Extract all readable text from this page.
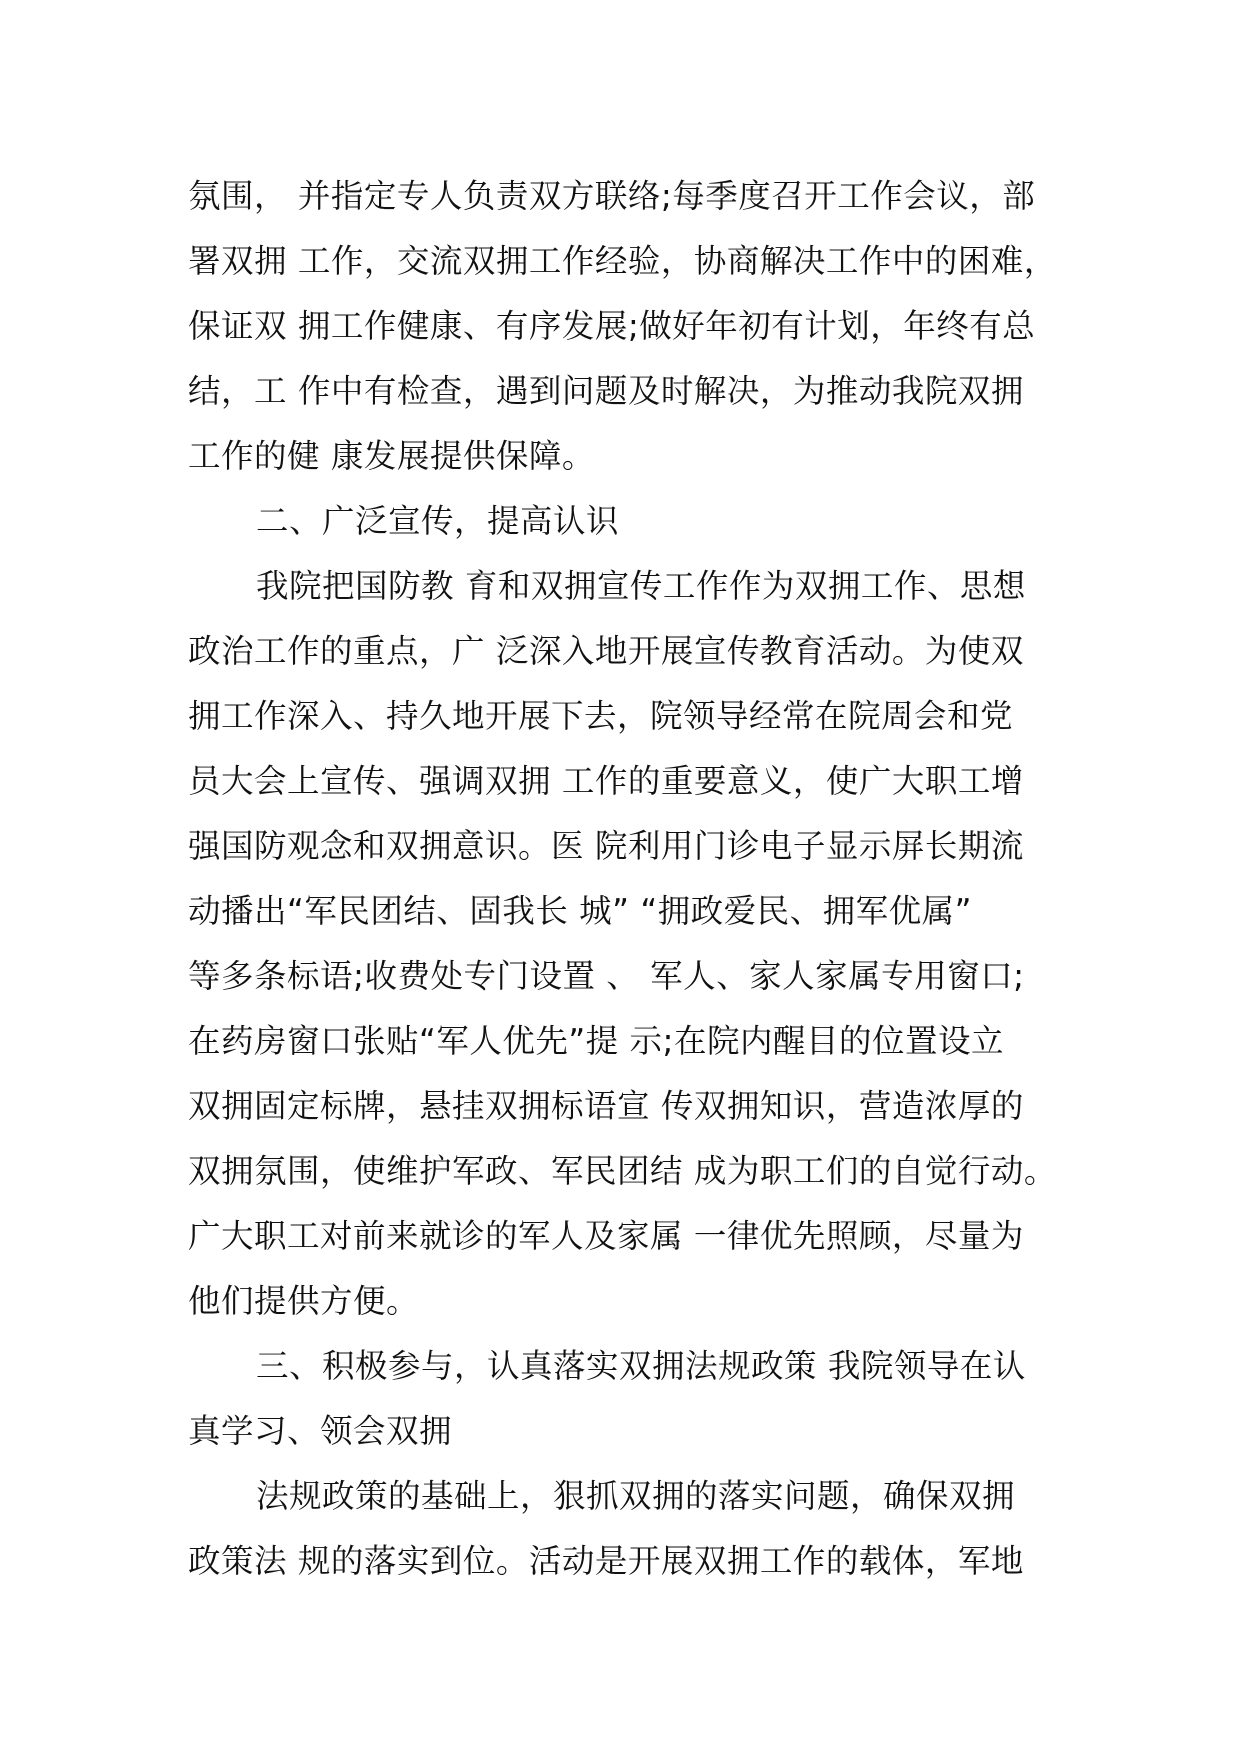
氛围， 并指定专人负责双方联络;每季度召开工作会议，部
署双拥 工作，交流双拥工作经验，协商解决工作中的困难，
保证双 拥工作健康、有序发展;做好年初有计划，年终有总
结，工 作中有检查，遇到问题及时解决，为推动我院双拥
工作的健 康发展提供保障。
二、广泛宣传，提高认识
我院把国防教 育和双拥宣传工作作为双拥工作、思想
政治工作的重点，广 泛深入地开展宣传教育活动。为使双
拥工作深入、持久地开展下去，院领导经常在院周会和党
员大会上宣传、强调双拥 工作的重要意义，使广大职工增
强国防观念和双拥意识。医 院利用门诊电子显示屏长期流
动播出“军民团结、固我长 城” “拥政爱民、拥军优属”
等多条标语;收费处专门设置 、 军人、家人家属专用窗口;
在药房窗口张贴“军人优先”提 示;在院内醒目的位置设立
双拥固定标牌，悬挂双拥标语宣 传双拥知识，营造浓厚的
双拥氛围，使维护军政、军民团结 成为职工们的自觉行动。
广大职工对前来就诊的军人及家属 一律优先照顾，尽量为
他们提供方便。
三、积极参与，认真落实双拥法规政策 我院领导在认
真学习、领会双拥
法规政策的基础上，狠抓双拥的落实问题，确保双拥
政策法 规的落实到位。活动是开展双拥工作的载体，军地
